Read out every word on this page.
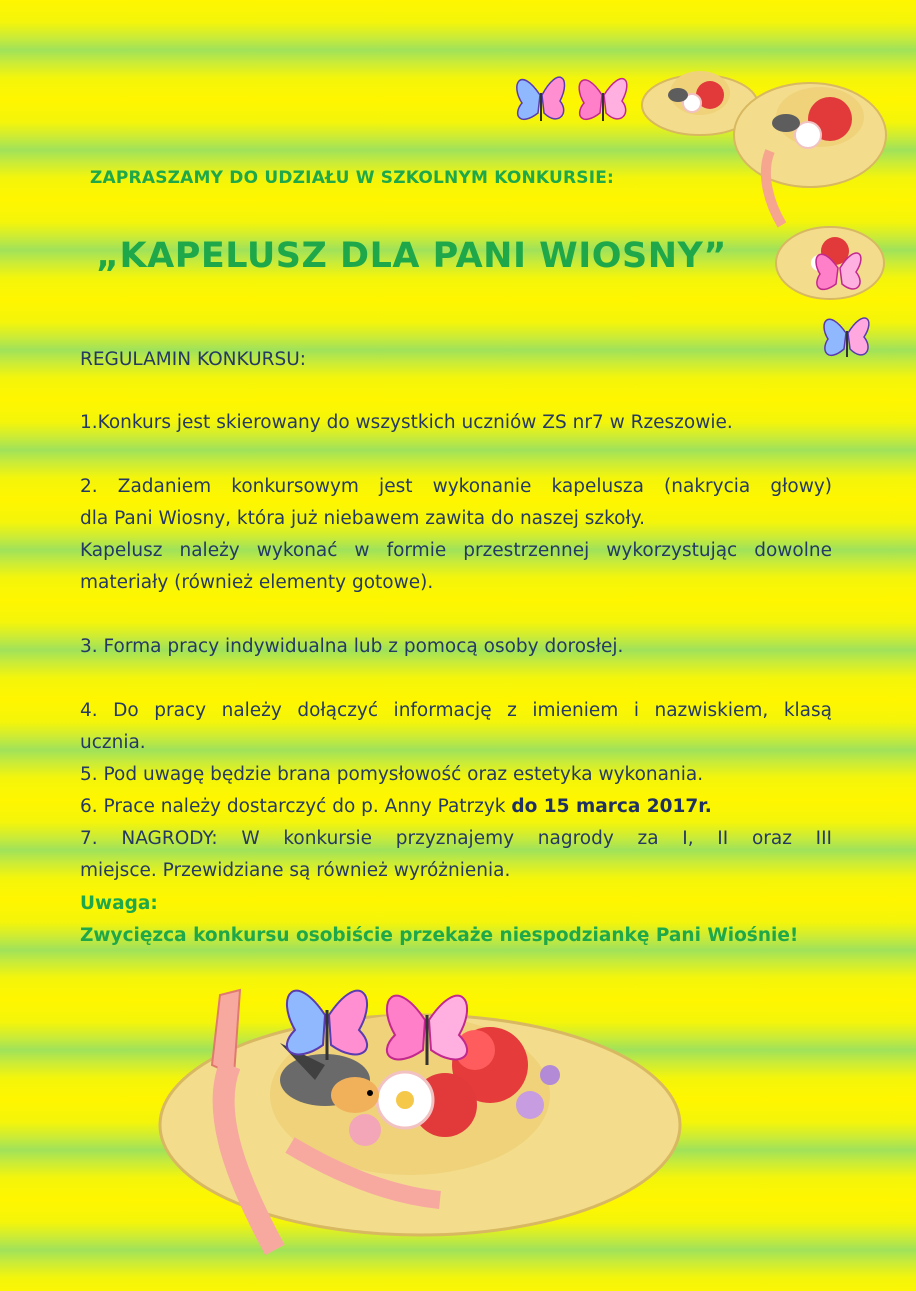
ZAPRASZAMY DO UDZIAŁU W SZKOLNYM KONKURSIE:
„KAPELUSZ DLA PANI WIOSNY”

REGULAMIN KONKURSU:

1.Konkurs jest skierowany do wszystkich uczniów ZS nr7 w Rzeszowie.

2. Zadaniem konkursowym jest wykonanie kapelusza (nakrycia głowy)

dla Pani Wiosny, która już niebawem zawita do naszej szkoły.

Kapelusz należy wykonać w formie przestrzennej wykorzystując dowolne

materiały (również elementy gotowe).

3. Forma pracy indywidualna lub z pomocą osoby dorosłej.

4. Do pracy należy dołączyć informację z imieniem i nazwiskiem, klasą

ucznia.

5. Pod uwagę będzie brana pomysłowość oraz estetyka wykonania.

6. Prace należy dostarczyć do p. Anny Patrzyk do 15 marca 2017r.

7. NAGRODY: W konkursie przyznajemy nagrody za I, II oraz III

miejsce. Przewidziane są również wyróżnienia.

Uwaga:
Zwycięzca konkursu osobiście przekaże niespodziankę Pani Wiośnie!
